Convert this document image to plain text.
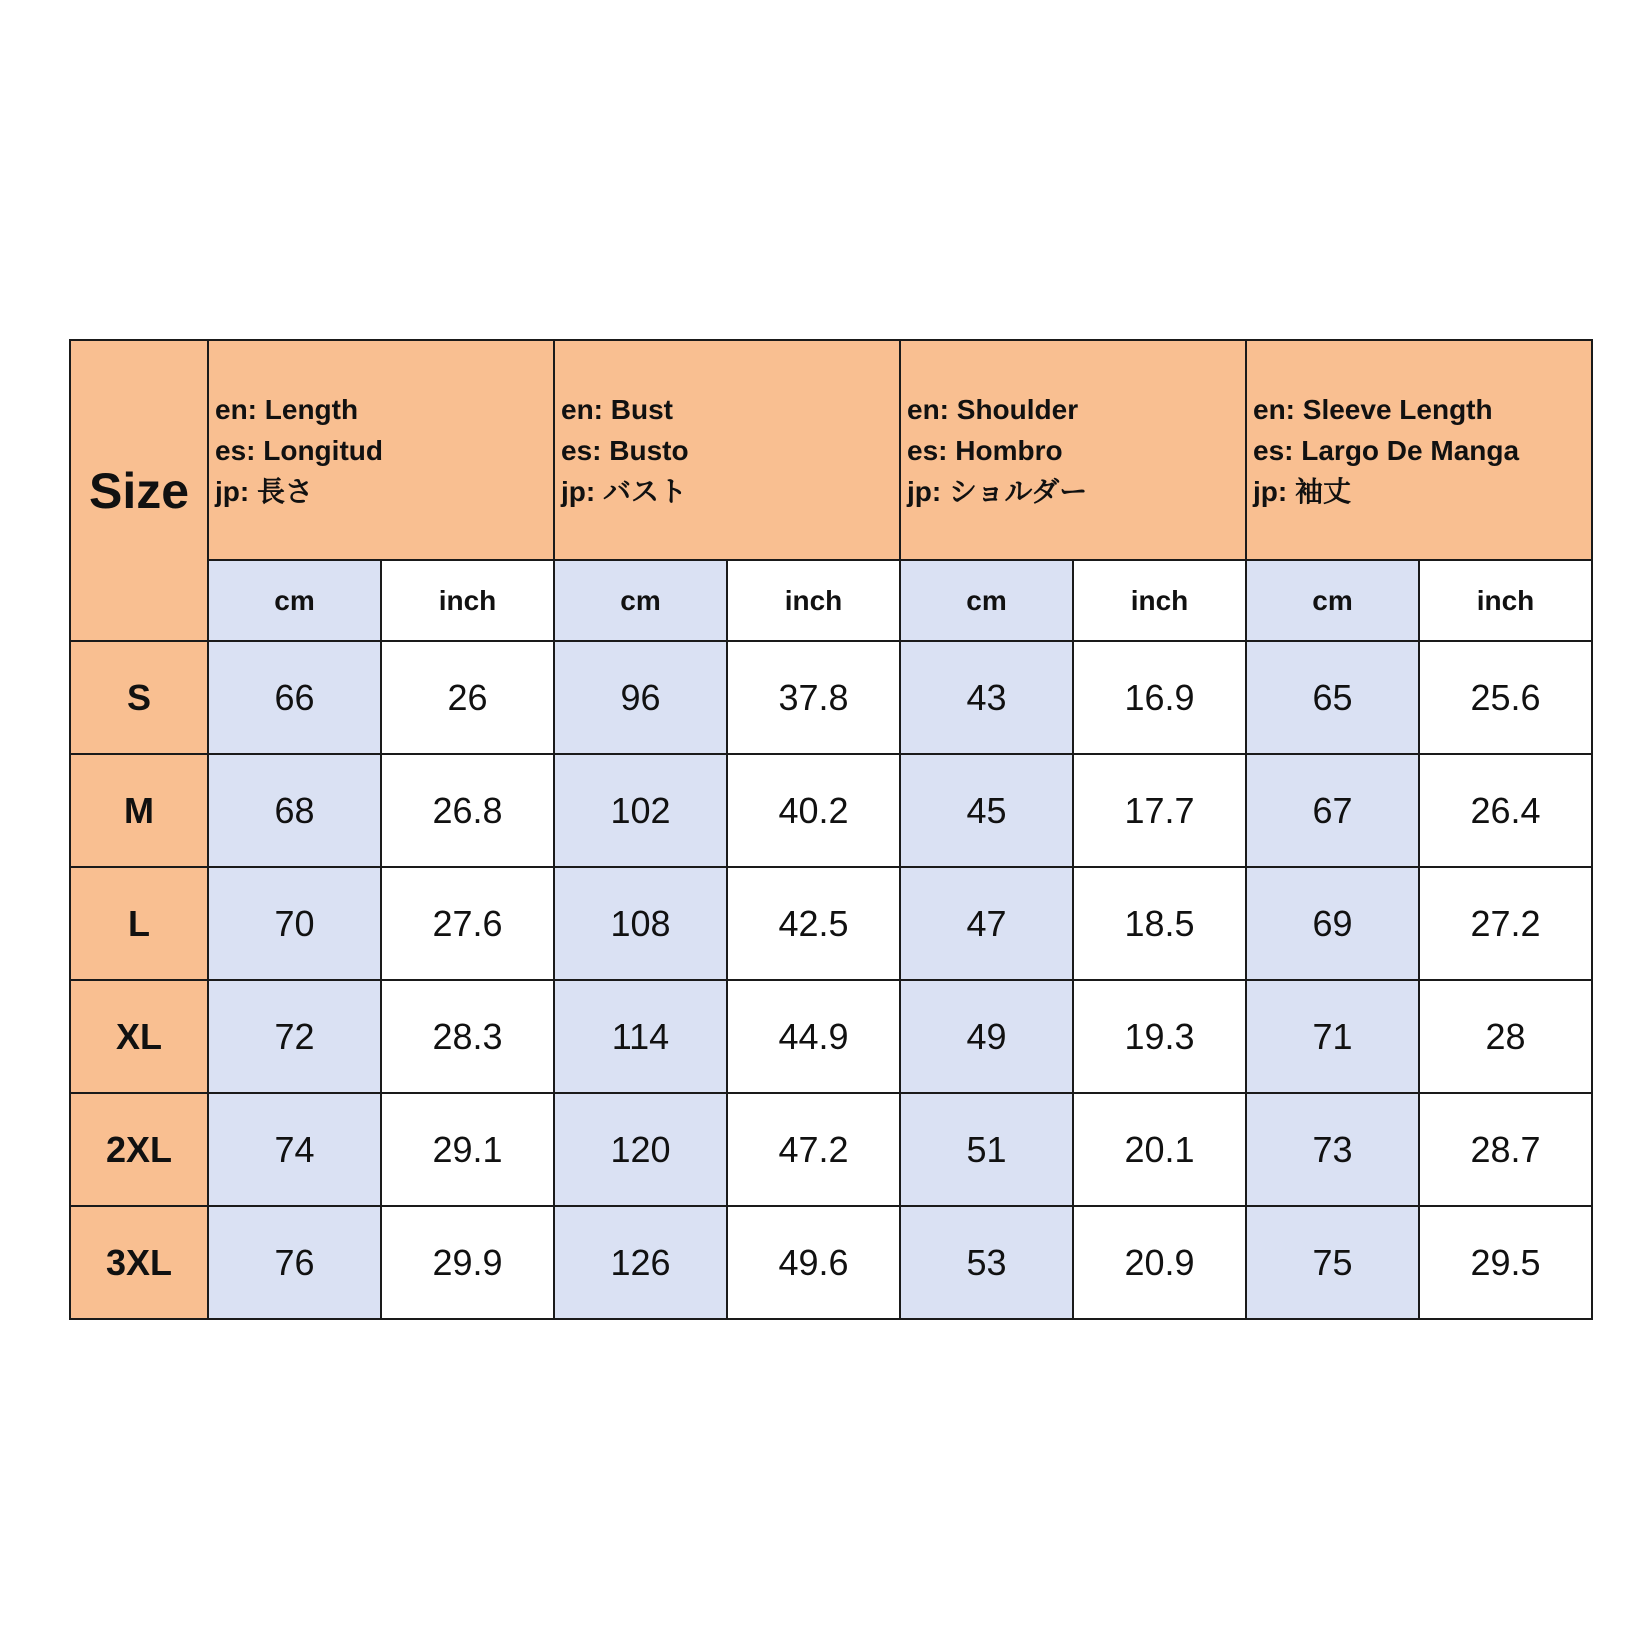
Size	en: Length
es: Longitud
jp: 長さ		en: Bust
es: Busto
jp: バスト		en: Shoulder
es: Hombro
jp: ショルダー		en: Sleeve Length
es: Largo De Manga
jp: 袖丈	

	cm	inch	cm	inch	cm	inch	cm	inch
S	66	26	96	37.8	43	16.9	65	25.6
M	68	26.8	102	40.2	45	17.7	67	26.4
L	70	27.6	108	42.5	47	18.5	69	27.2
XL	72	28.3	114	44.9	49	19.3	71	28
2XL	74	29.1	120	47.2	51	20.1	73	28.7
3XL	76	29.9	126	49.6	53	20.9	75	29.5
